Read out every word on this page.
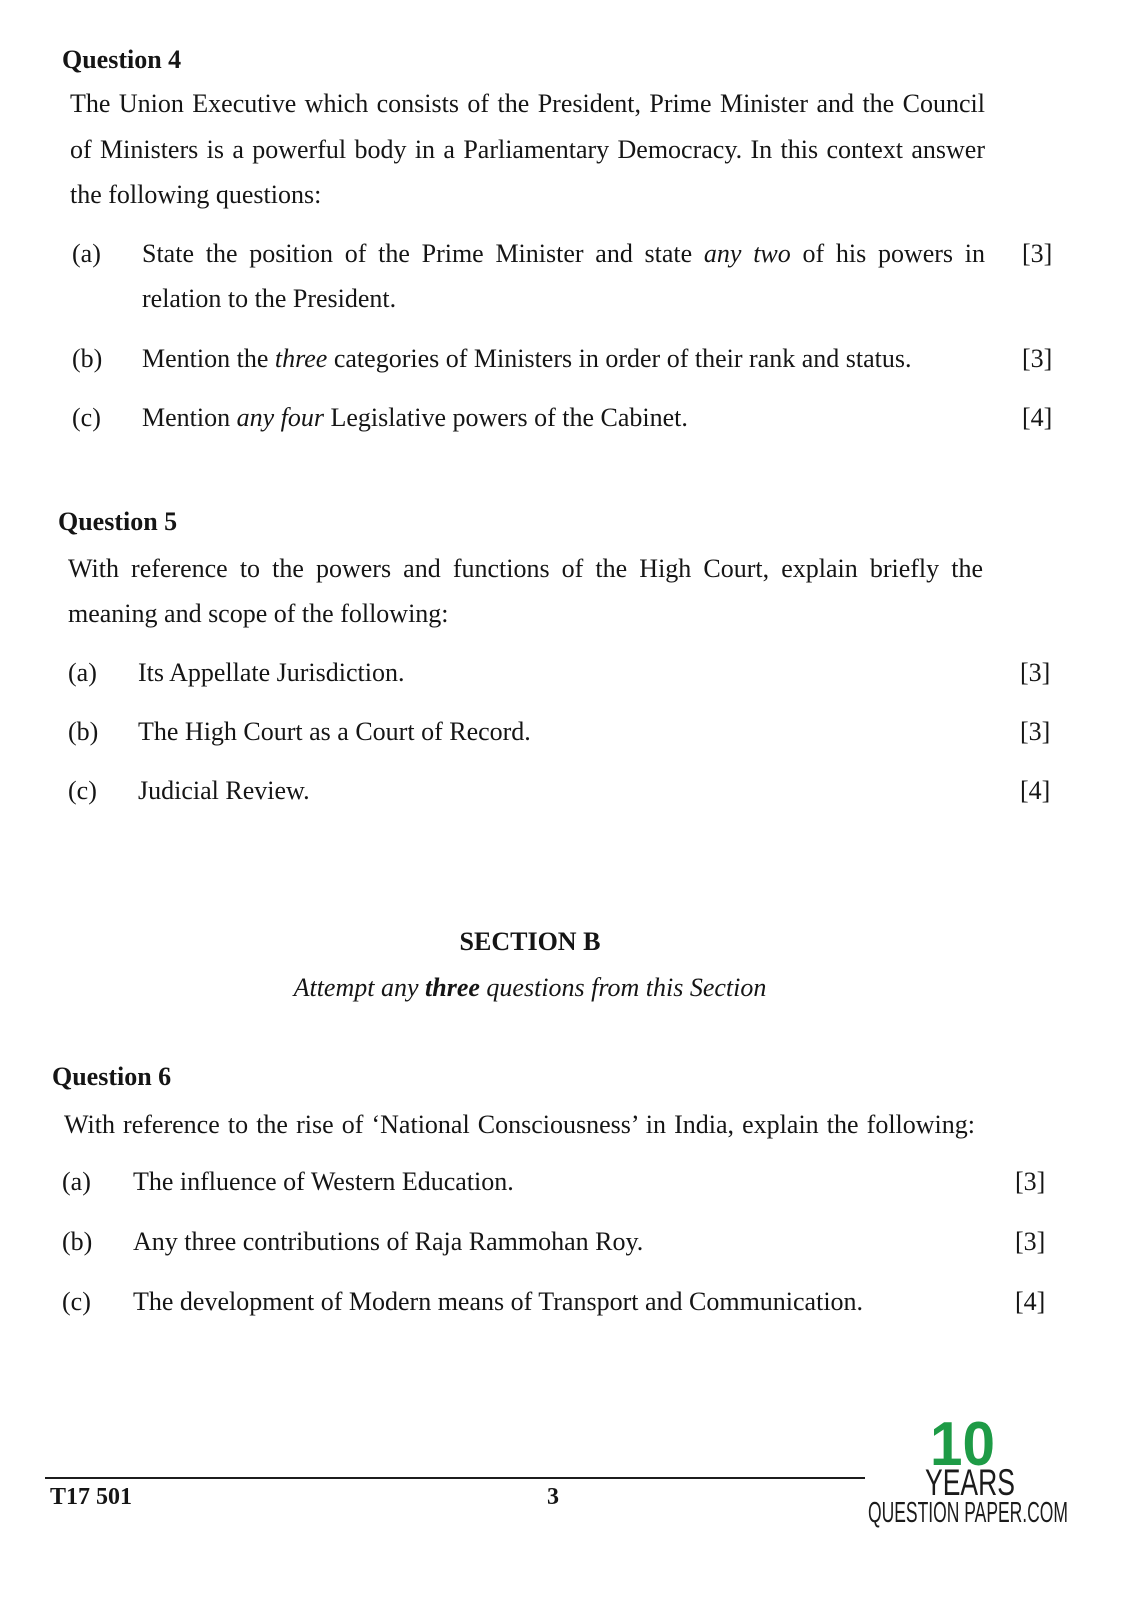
Question 4
The Union Executive which consists of the President, Prime Minister and the Council
of Ministers is a powerful body in a Parliamentary Democracy. In this context answer
the following questions:
(a) State the position of the Prime Minister and state any two of his powers in
relation to the President.
[3]
(b) Mention the three categories of Ministers in order of their rank and status.	[3]
(c) Mention any four Legislative powers of the Cabinet.	[4]
Question 5
With reference to the powers and functions of the High Court, explain briefly the
meaning and scope of the following:
(a) Its Appellate Jurisdiction.	[3]
(b) The High Court as a Court of Record.	[3]
(c) Judicial Review.	[4]
SECTION B
Attempt any three questions from this Section
Question 6
With reference to the rise of ‘National Consciousness’ in India, explain the following:
(a) The influence of Western Education.	[3]
(b) Any three contributions of Raja Rammohan Roy.	[3]
(c) The development of Modern means of Transport and Communication.	[4]
T17 501	3
10
YEARS
QUESTION PAPER.COM
